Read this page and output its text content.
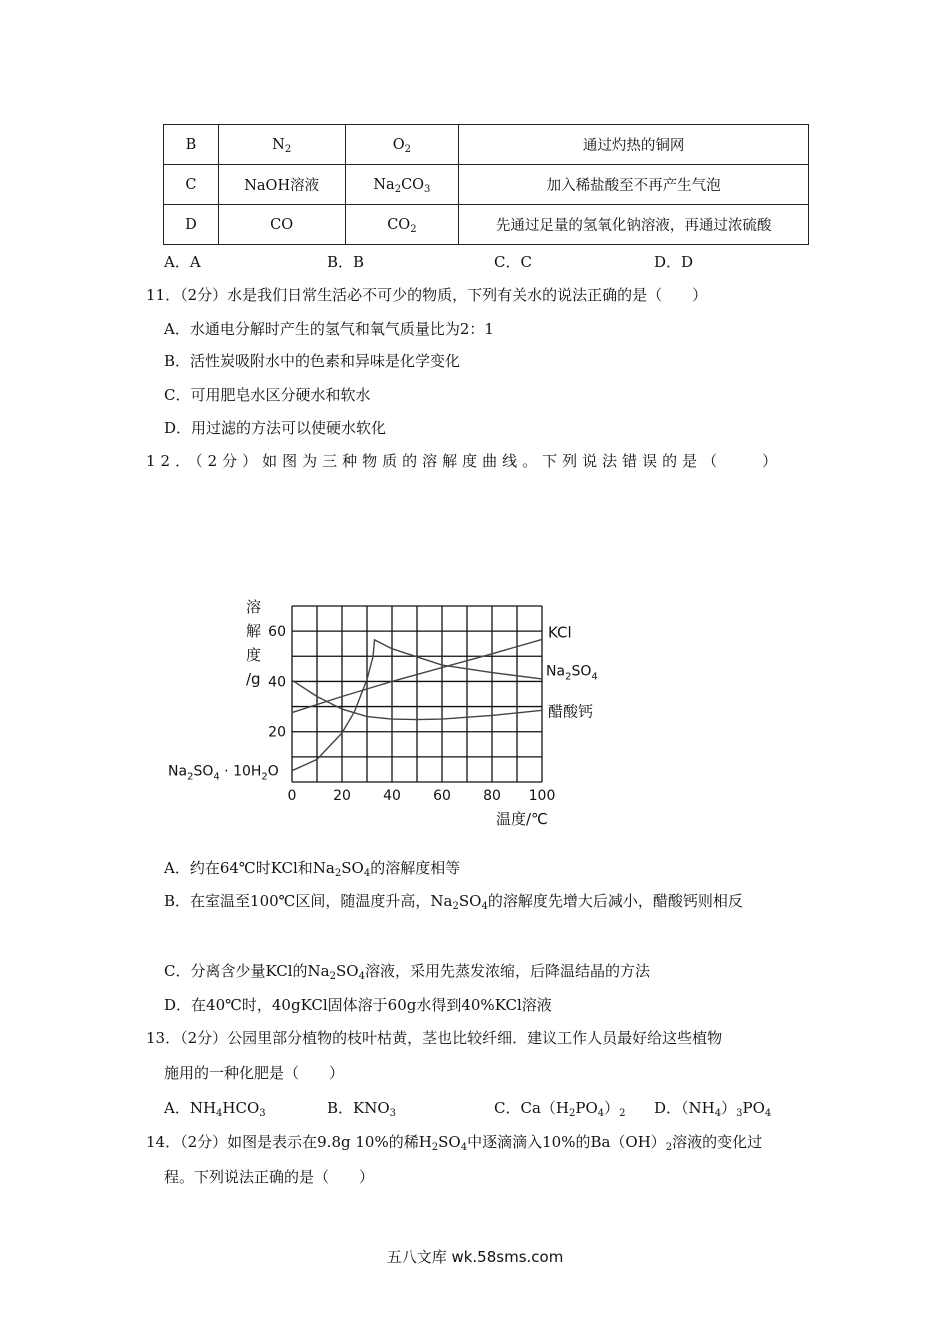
B	$N_2$	$O_2$	通过灼热的铜网
C	NaOH溶液	$Na_2CO_3$	加入稀盐酸至不再产生气泡
D	CO	$CO_2$	先通过足量的氢氧化钠溶液，再通过浓硫酸
A．A	B．B	C．C	D．D
11．（2分）水是我们日常生活必不可少的物质，下列有关水的说法正确的是（　　）
A．水通电分解时产生的氢气和氧气质量比为2：1
B．活性炭吸附水中的色素和异味是化学变化
C．可用肥皂水区分硬水和软水
D．用过滤的方法可以使硬水软化
12．（2分）如图为三种物质的溶解度曲线。下列说法错误的是（　　）
0	20 40 60 80 100
20
40
60
溶
解
度
/g
温度/℃
KCl
$Na_2SO_4$
醋酸钙
$Na_2SO_4 \cdot 10H_2O$
A．约在64℃时KCl和$Na_2SO_4$的溶解度相等
B．在室温至100℃区间，随温度升高，$Na_2SO_4$的溶解度先增大后减小，醋酸钙则相反
C．分离含少量KCl的$Na_2SO_4$溶液，采用先蒸发浓缩，后降温结晶的方法
D．在40℃时，40gKCl固体溶于60g水得到40%KCl溶液
13．（2分）公园里部分植物的枝叶枯黄，茎也比较纤细．建议工作人员最好给这些植物
施用的一种化肥是（　　）
A．$NH_4HCO_3$	B．$KNO_3$	C．$Ca(H_2PO_4)_2$ D．$(NH_4)_3PO_4$
14．（2分）如图是表示在9.8g 10%的稀$H_2SO_4$中逐滴滴入10%的$Ba(OH)_2$溶液的变化过
程。下列说法正确的是（　　）
五八文库 wk.58sms.com
